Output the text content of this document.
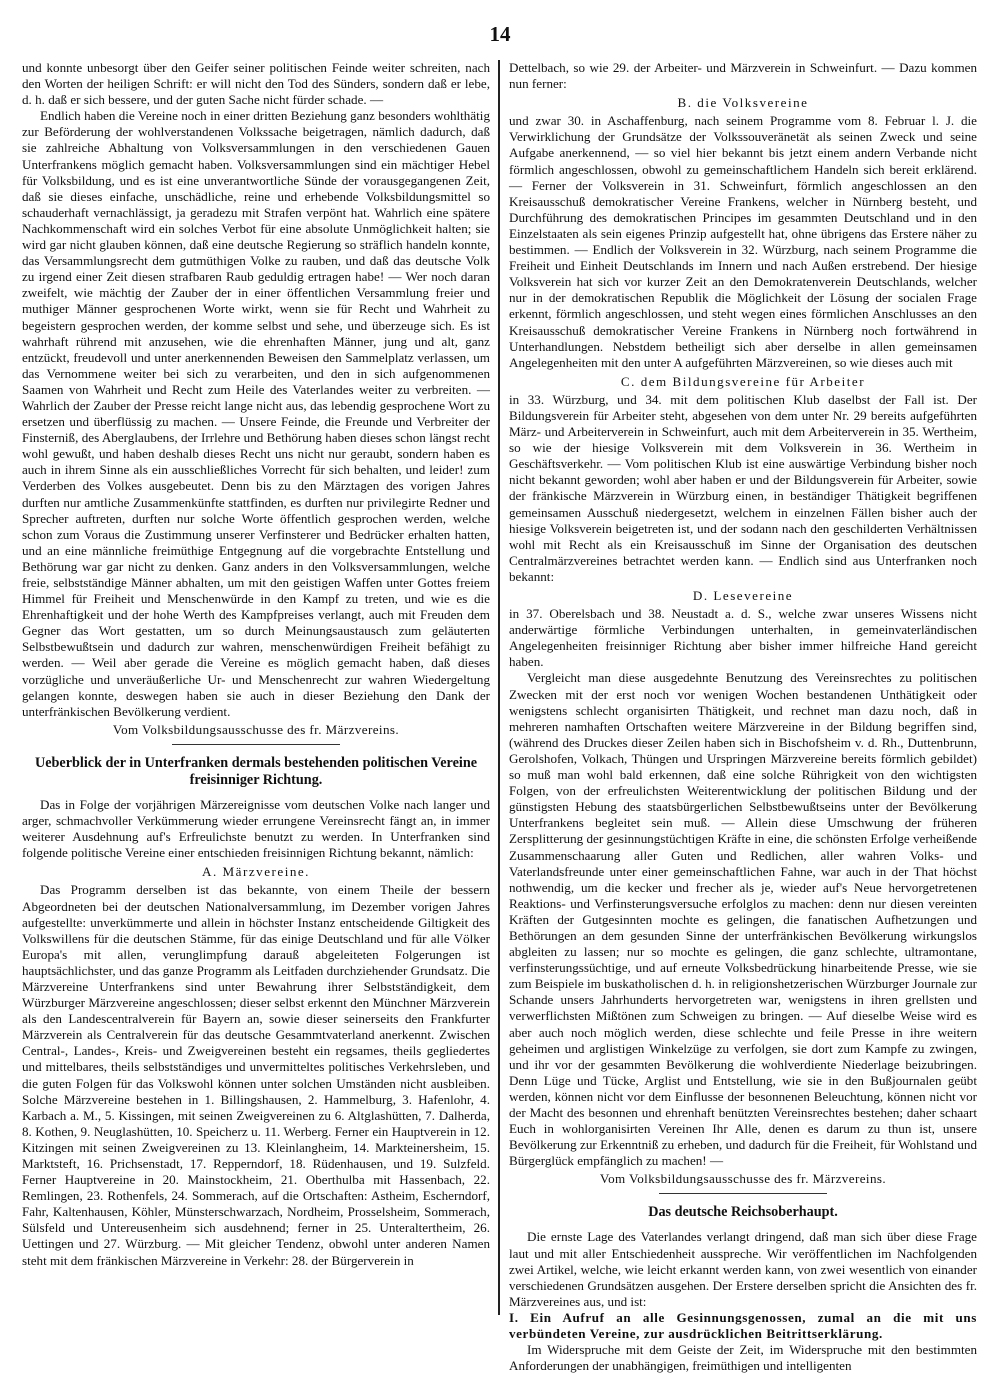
14

und konnte unbesorgt über den Geifer seiner politischen Feinde weiter schreiten, nach den Worten der heiligen Schrift: er will nicht den Tod des Sünders, sondern daß er lebe, d. h. daß er sich bessere, und der guten Sache nicht fürder schade. —

Endlich haben die Vereine noch in einer dritten Beziehung ganz besonders wohlthätig zur Beförderung der wohlverstandenen Volkssache beigetragen, nämlich dadurch, daß sie zahlreiche Abhaltung von Volksversammlungen in den verschiedenen Gauen Unterfrankens möglich gemacht haben. Volksversammlungen sind ein mächtiger Hebel für Volksbildung, und es ist eine unverantwortliche Sünde der vorausgegangenen Zeit, daß sie dieses einfache, unschädliche, reine und erhebende Volksbildungsmittel so schauderhaft vernachlässigt, ja geradezu mit Strafen verpönt hat. Wahrlich eine spätere Nachkommenschaft wird ein solches Verbot für eine absolute Unmöglichkeit halten; sie wird gar nicht glauben können, daß eine deutsche Regierung so sträflich handeln konnte, das Versammlungsrecht dem gutmüthigen Volke zu rauben, und daß das deutsche Volk zu irgend einer Zeit diesen strafbaren Raub geduldig ertragen habe! — Wer noch daran zweifelt, wie mächtig der Zauber der in einer öffentlichen Versammlung freier und muthiger Männer gesprochenen Worte wirkt, wenn sie für Recht und Wahrheit zu begeistern gesprochen werden, der komme selbst und sehe, und überzeuge sich. Es ist wahrhaft rührend mit anzusehen, wie die ehrenhaften Männer, jung und alt, ganz entzückt, freudevoll und unter anerkennenden Beweisen den Sammelplatz verlassen, um das Vernommene weiter bei sich zu verarbeiten, und den in sich aufgenommenen Saamen von Wahrheit und Recht zum Heile des Vaterlandes weiter zu verbreiten. — Wahrlich der Zauber der Presse reicht lange nicht aus, das lebendig gesprochene Wort zu ersetzen und überflüssig zu machen. — Unsere Feinde, die Freunde und Verbreiter der Finsterniß, des Aberglaubens, der Irrlehre und Bethörung haben dieses schon längst recht wohl gewußt, und haben deshalb dieses Recht uns nicht nur geraubt, sondern haben es auch in ihrem Sinne als ein ausschließliches Vorrecht für sich behalten, und leider! zum Verderben des Volkes ausgebeutet. Denn bis zu den Märztagen des vorigen Jahres durften nur amtliche Zusammenkünfte stattfinden, es durften nur privilegirte Redner und Sprecher auftreten, durften nur solche Worte öffentlich gesprochen werden, welche schon zum Voraus die Zustimmung unserer Verfinsterer und Bedrücker erhalten hatten, und an eine männliche freimüthige Entgegnung auf die vorgebrachte Entstellung und Bethörung war gar nicht zu denken. Ganz anders in den Volksversammlungen, welche freie, selbstständige Männer abhalten, um mit den geistigen Waffen unter Gottes freiem Himmel für Freiheit und Menschenwürde in den Kampf zu treten, und wie es die Ehrenhaftigkeit und der hohe Werth des Kampfpreises verlangt, auch mit Freuden dem Gegner das Wort gestatten, um so durch Meinungsaustausch zum geläuterten Selbstbewußtsein und dadurch zur wahren, menschenwürdigen Freiheit befähigt zu werden. — Weil aber gerade die Vereine es möglich gemacht haben, daß dieses vorzügliche und unveräußerliche Ur- und Menschenrecht zur wahren Wiedergeltung gelangen konnte, deswegen haben sie auch in dieser Beziehung den Dank der unterfränkischen Bevölkerung verdient.

Vom Volksbildungsausschusse des fr. Märzvereins.

Ueberblick der in Unterfranken dermals bestehenden politischen Vereine freisinniger Richtung.

Das in Folge der vorjährigen Märzereignisse vom deutschen Volke nach langer und arger, schmachvoller Verkümmerung wieder errungene Vereinsrecht fängt an, in immer weiterer Ausdehnung auf's Erfreulichste benutzt zu werden. In Unterfranken sind folgende politische Vereine einer entschieden freisinnigen Richtung bekannt, nämlich:

A. Märzvereine.

Das Programm derselben ist das bekannte, von einem Theile der bessern Abgeordneten bei der deutschen Nationalversammlung, im Dezember vorigen Jahres aufgestellte: unverkümmerte und allein in höchster Instanz entscheidende Giltigkeit des Volkswillens für die deutschen Stämme, für das einige Deutschland und für alle Völker Europa's mit allen, verunglimpfung darauß abgeleiteten Folgerungen ist hauptsächlichster, und das ganze Programm als Leitfaden durchziehender Grundsatz. Die Märzvereine Unterfrankens sind unter Bewahrung ihrer Selbstständigkeit, dem Würzburger Märzvereine angeschlossen; dieser selbst erkennt den Münchner Märzverein als den Landescentralverein für Bayern an, sowie dieser seinerseits den Frankfurter Märzverein als Centralverein für das deutsche Gesammtvaterland anerkennt. Zwischen Central-, Landes-, Kreis- und Zweigvereinen besteht ein regsames, theils gegliedertes und mittelbares, theils selbstständiges und unvermitteltes politisches Verkehrsleben, und die guten Folgen für das Volkswohl können unter solchen Umständen nicht ausbleiben. Solche Märzvereine bestehen in 1. Billingshausen, 2. Hammelburg, 3. Hafenlohr, 4. Karbach a. M., 5. Kissingen, mit seinen Zweigvereinen zu 6. Altglashütten, 7. Dalherda, 8. Kothen, 9. Neuglashütten, 10. Speicherz u. 11. Werberg. Ferner ein Hauptverein in 12. Kitzingen mit seinen Zweigvereinen zu 13. Kleinlangheim, 14. Markteinersheim, 15. Marktsteft, 16. Prichsenstadt, 17. Repperndorf, 18. Rüdenhausen, und 19. Sulzfeld. Ferner Hauptvereine in 20. Mainstockheim, 21. Oberthulba mit Hassenbach, 22. Remlingen, 23. Rothenfels, 24. Sommerach, auf die Ortschaften: Astheim, Escherndorf, Fahr, Kaltenhausen, Köhler, Münsterschwarzach, Nordheim, Prosselsheim, Sommerach, Sülsfeld und Untereusenheim sich ausdehnend; ferner in 25. Unteraltertheim, 26. Uettingen und 27. Würzburg. — Mit gleicher Tendenz, obwohl unter anderen Namen steht mit dem fränkischen Märzvereine in Verkehr: 28. der Bürgerverein in

Dettelbach, so wie 29. der Arbeiter- und Märzverein in Schweinfurt. — Dazu kommen nun ferner:

B. die Volksvereine

und zwar 30. in Aschaffenburg, nach seinem Programme vom 8. Februar l. J. die Verwirklichung der Grundsätze der Volkssouveränetät als seinen Zweck und seine Aufgabe anerkennend, — so viel hier bekannt bis jetzt einem andern Verbande nicht förmlich angeschlossen, obwohl zu gemeinschaftlichem Handeln sich bereit erklärend. — Ferner der Volksverein in 31. Schweinfurt, förmlich angeschlossen an den Kreisausschuß demokratischer Vereine Frankens, welcher in Nürnberg besteht, und Durchführung des demokratischen Principes im gesammten Deutschland und in den Einzelstaaten als sein eigenes Prinzip aufgestellt hat, ohne übrigens das Erstere näher zu bestimmen. — Endlich der Volksverein in 32. Würzburg, nach seinem Programme die Freiheit und Einheit Deutschlands im Innern und nach Außen erstrebend. Der hiesige Volksverein hat sich vor kurzer Zeit an den Demokratenverein Deutschlands, welcher nur in der demokratischen Republik die Möglichkeit der Lösung der socialen Frage erkennt, förmlich angeschlossen, und steht wegen eines förmlichen Anschlusses an den Kreisausschuß demokratischer Vereine Frankens in Nürnberg noch fortwährend in Unterhandlungen. Nebstdem betheiligt sich aber derselbe in allen gemeinsamen Angelegenheiten mit den unter A aufgeführten Märzvereinen, so wie dieses auch mit

C. dem Bildungsvereine für Arbeiter

in 33. Würzburg, und 34. mit dem politischen Klub daselbst der Fall ist. Der Bildungsverein für Arbeiter steht, abgesehen von dem unter Nr. 29 bereits aufgeführten März- und Arbeiterverein in Schweinfurt, auch mit dem Arbeiterverein in 35. Wertheim, so wie der hiesige Volksverein mit dem Volksverein in 36. Wertheim in Geschäftsverkehr. — Vom politischen Klub ist eine auswärtige Verbindung bisher noch nicht bekannt geworden; wohl aber haben er und der Bildungsverein für Arbeiter, sowie der fränkische Märzverein in Würzburg einen, in beständiger Thätigkeit begriffenen gemeinsamen Ausschuß niedergesetzt, welchem in einzelnen Fällen bisher auch der hiesige Volksverein beigetreten ist, und der sodann nach den geschilderten Verhältnissen wohl mit Recht als ein Kreisausschuß im Sinne der Organisation des deutschen Centralmärzvereines betrachtet werden kann. — Endlich sind aus Unterfranken noch bekannt:

D. Lesevereine

in 37. Oberelsbach und 38. Neustadt a. d. S., welche zwar unseres Wissens nicht anderwärtige förmliche Verbindungen unterhalten, in gemeinvaterländischen Angelegenheiten freisinniger Richtung aber bisher immer hilfreiche Hand gereicht haben.

Vergleicht man diese ausgedehnte Benutzung des Vereinsrechtes zu politischen Zwecken mit der erst noch vor wenigen Wochen bestandenen Unthätigkeit oder wenigstens schlecht organisirten Thätigkeit, und rechnet man dazu noch, daß in mehreren namhaften Ortschaften weitere Märzvereine in der Bildung begriffen sind, (während des Druckes dieser Zeilen haben sich in Bischofsheim v. d. Rh., Duttenbrunn, Gerolshofen, Volkach, Thüngen und Urspringen Märzvereine bereits förmlich gebildet) so muß man wohl bald erkennen, daß eine solche Rührigkeit von den wichtigsten Folgen, von der erfreulichsten Weiterentwicklung der politischen Bildung und der günstigsten Hebung des staatsbürgerlichen Selbstbewußtseins unter der Bevölkerung Unterfrankens begleitet sein muß. — Allein diese Umschwung der früheren Zersplitterung der gesinnungstüchtigen Kräfte in eine, die schönsten Erfolge verheißende Zusammenschaarung aller Guten und Redlichen, aller wahren Volks- und Vaterlandsfreunde unter einer gemeinschaftlichen Fahne, war auch in der That höchst nothwendig, um die kecker und frecher als je, wieder auf's Neue hervorgetretenen Reaktions- und Verfinsterungsversuche erfolglos zu machen: denn nur diesen vereinten Kräften der Gutgesinnten mochte es gelingen, die fanatischen Aufhetzungen und Bethörungen an dem gesunden Sinne der unterfränkischen Bevölkerung wirkungslos abgleiten zu lassen; nur so mochte es gelingen, die ganz schlechte, ultramontane, verfinsterungssüchtige, und auf erneute Volksbedrückung hinarbeitende Presse, wie sie zum Beispiele im buskatholischen d. h. in religionshetzerischen Würzburger Journale zur Schande unsers Jahrhunderts hervorgetreten war, wenigstens in ihren grellsten und verwerflichsten Mißtönen zum Schweigen zu bringen. — Auf dieselbe Weise wird es aber auch noch möglich werden, diese schlechte und feile Presse in ihre weitern geheimen und arglistigen Winkelzüge zu verfolgen, sie dort zum Kampfe zu zwingen, und ihr vor der gesammten Bevölkerung die wohlverdiente Niederlage beizubringen. Denn Lüge und Tücke, Arglist und Entstellung, wie sie in den Bußjournalen geübt werden, können nicht vor dem Einflusse der besonnenen Beleuchtung, können nicht vor der Macht des besonnen und ehrenhaft benützten Vereinsrechtes bestehen; daher schaart Euch in wohlorganisirten Vereinen Ihr Alle, denen es darum zu thun ist, unsere Bevölkerung zur Erkenntniß zu erheben, und dadurch für die Freiheit, für Wohlstand und Bürgerglück empfänglich zu machen! —

Vom Volksbildungsausschusse des fr. Märzvereins.

Das deutsche Reichsoberhaupt.

Die ernste Lage des Vaterlandes verlangt dringend, daß man sich über diese Frage laut und mit aller Entschiedenheit ausspreche. Wir veröffentlichen im Nachfolgenden zwei Artikel, welche, wie leicht erkannt werden kann, von zwei wesentlich von einander verschiedenen Grundsätzen ausgehen. Der Erstere derselben spricht die Ansichten des fr. Märzvereines aus, und ist:

I. Ein Aufruf an alle Gesinnungsgenossen, zumal an die mit uns verbündeten Vereine, zur ausdrücklichen Beitrittserklärung.

Im Widerspruche mit dem Geiste der Zeit, im Widerspruche mit den bestimmten Anforderungen der unabhängigen, freimüthigen und intelligenten
